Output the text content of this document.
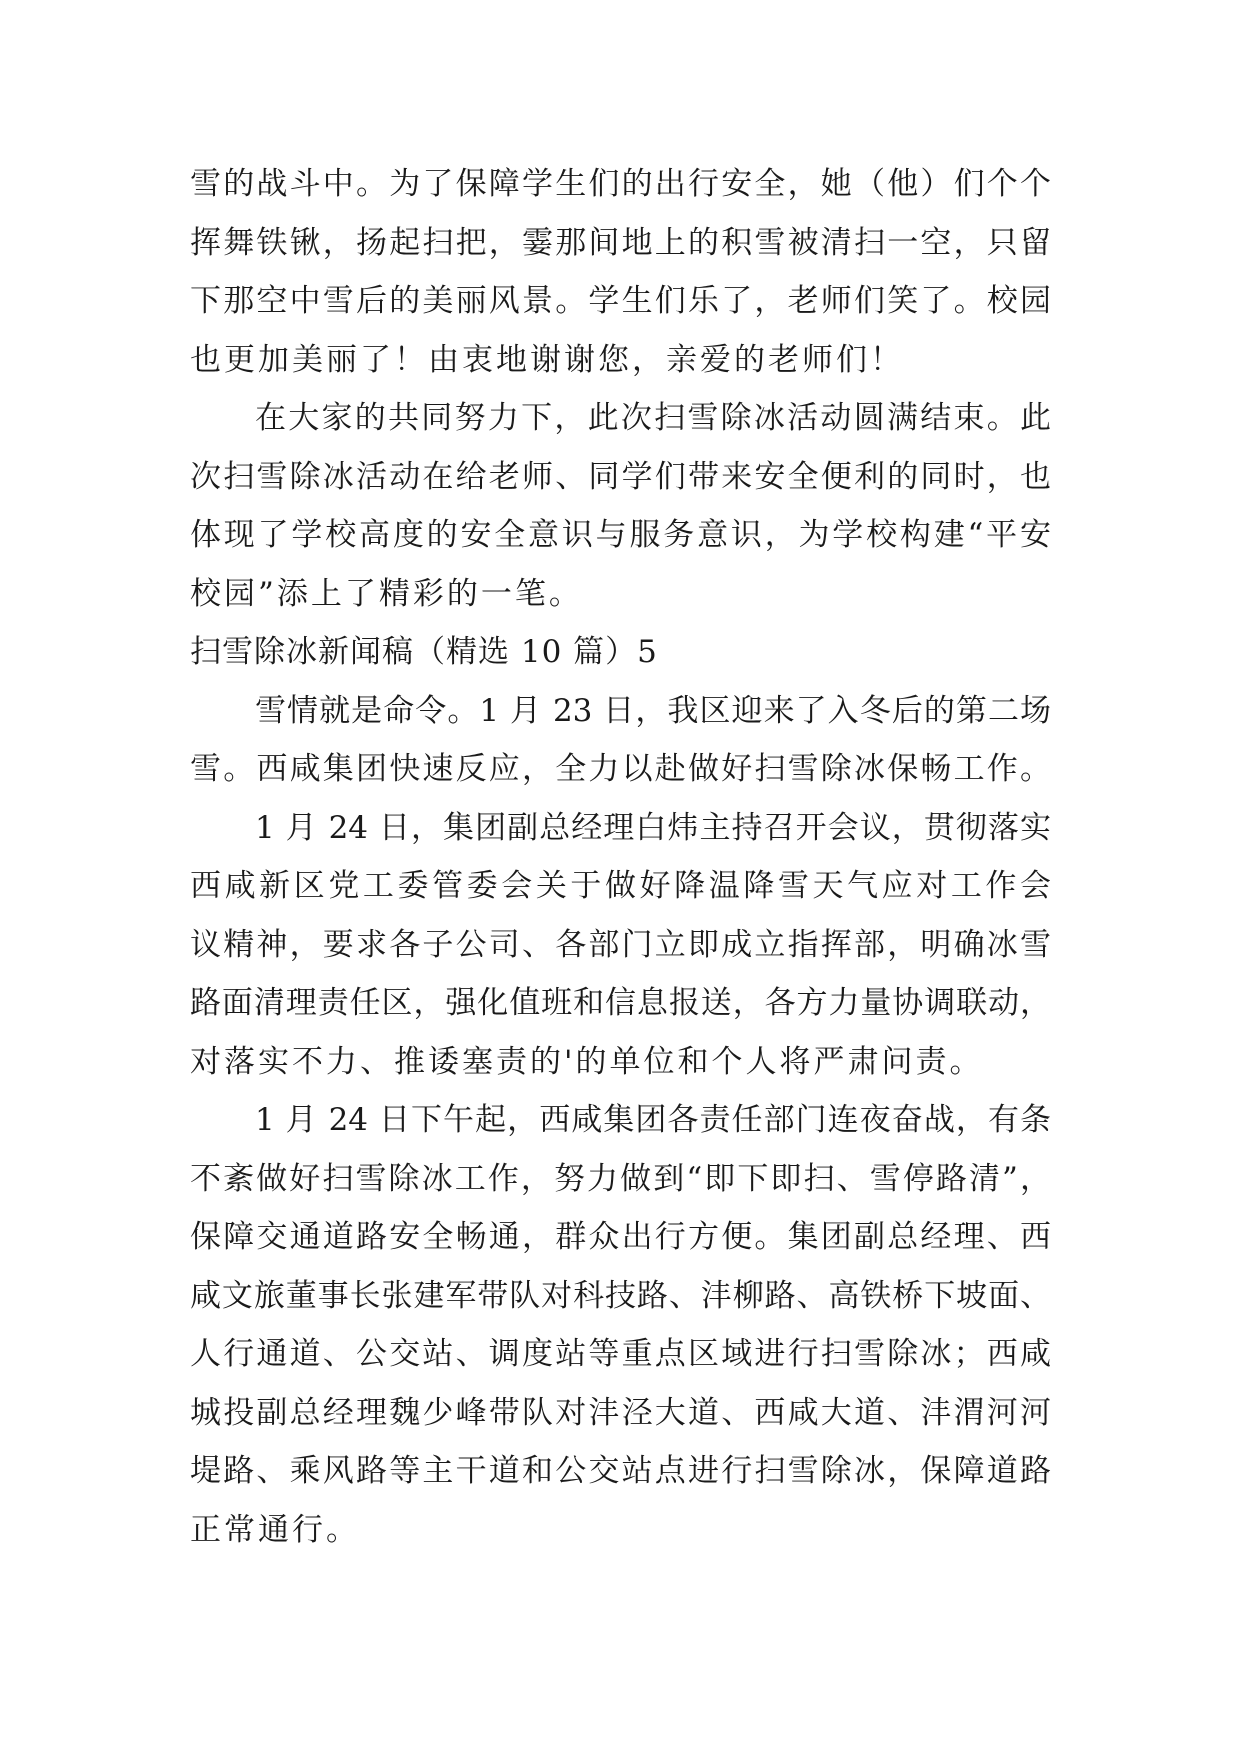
雪的战斗中。为了保障学生们的出行安全，她（他）们个个
挥舞铁锹，扬起扫把，霎那间地上的积雪被清扫一空，只留
下那空中雪后的美丽风景。学生们乐了，老师们笑了。校园
也更加美丽了！由衷地谢谢您，亲爱的老师们！
在大家的共同努力下，此次扫雪除冰活动圆满结束。此
次扫雪除冰活动在给老师、同学们带来安全便利的同时，也
体现了学校高度的安全意识与服务意识，为学校构建“平安
校园”添上了精彩的一笔。
扫雪除冰新闻稿（精选 10 篇）5
雪情就是命令。1 月 23 日，我区迎来了入冬后的第二场
雪。西咸集团快速反应，全力以赴做好扫雪除冰保畅工作。
1 月 24 日，集团副总经理白炜主持召开会议，贯彻落实
西咸新区党工委管委会关于做好降温降雪天气应对工作会
议精神，要求各子公司、各部门立即成立指挥部，明确冰雪
路面清理责任区，强化值班和信息报送，各方力量协调联动，
对落实不力、推诿塞责的'的单位和个人将严肃问责。
1 月 24 日下午起，西咸集团各责任部门连夜奋战，有条
不紊做好扫雪除冰工作，努力做到“即下即扫、雪停路清”，
保障交通道路安全畅通，群众出行方便。集团副总经理、西
咸文旅董事长张建军带队对科技路、沣柳路、高铁桥下坡面、
人行通道、公交站、调度站等重点区域进行扫雪除冰；西咸
城投副总经理魏少峰带队对沣泾大道、西咸大道、沣渭河河
堤路、乘风路等主干道和公交站点进行扫雪除冰，保障道路
正常通行。
